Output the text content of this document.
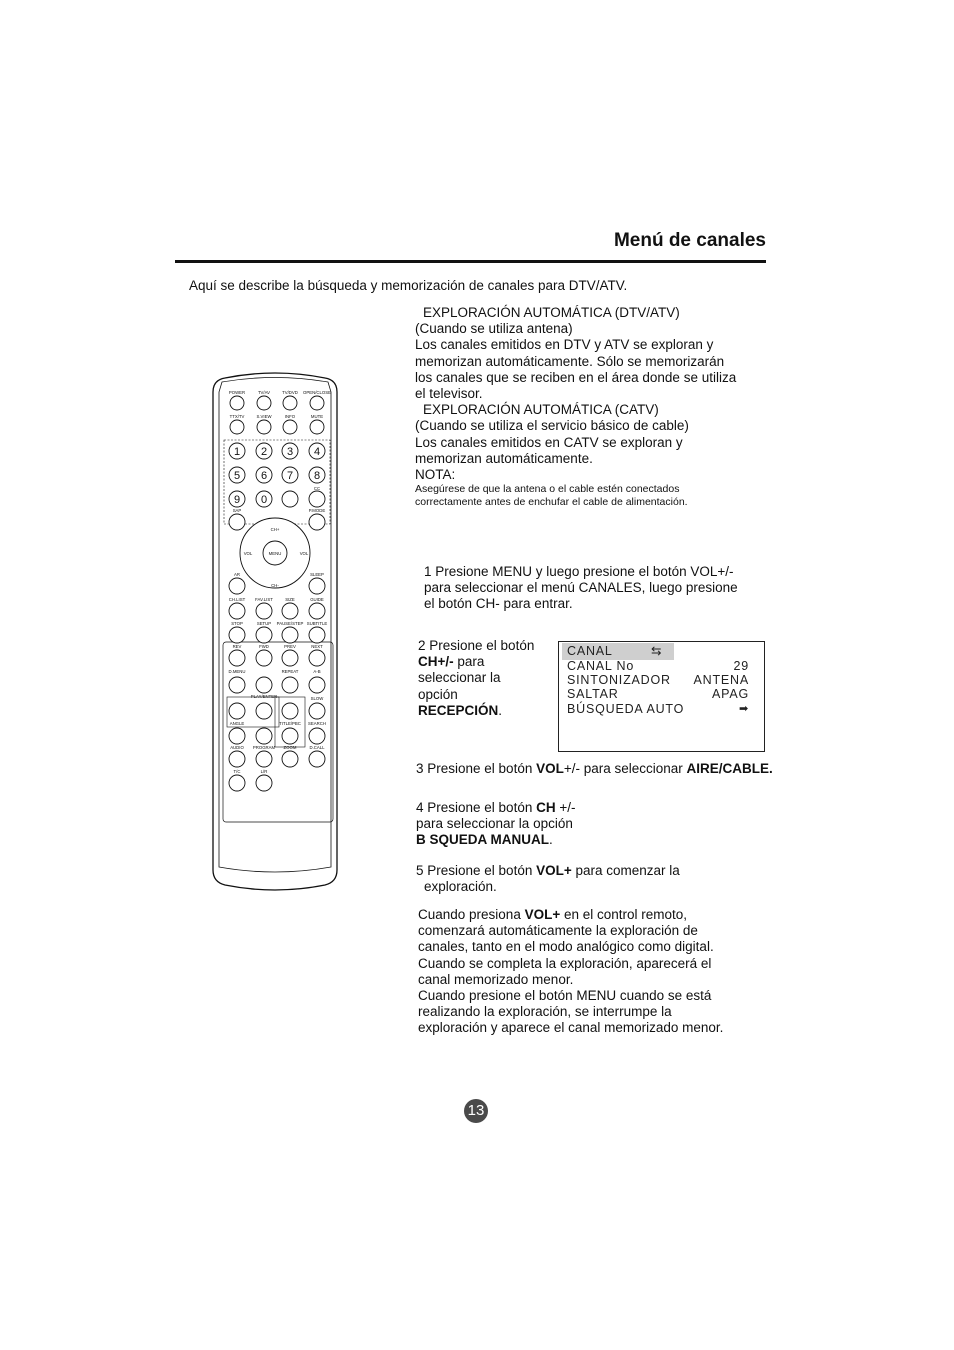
Menú de canales
Aquí se describe la búsqueda y memorización de canales para DTV/ATV.
EXPLORACIÓN AUTOMÁTICA (DTV/ATV)
(Cuando se utiliza antena)
Los canales emitidos en DTV y ATV se exploran y
memorizan automáticamente. Sólo se memorizarán
los canales que se reciben en el área donde se utiliza
el televisor.
EXPLORACIÓN AUTOMÁTICA (CATV)
(Cuando se utiliza el servicio básico de cable)
Los canales emitidos en CATV se exploran y
memorizan automáticamente.
NOTA:
Asegúrese de que la antena o el cable estén conectados
correctamente antes de enchufar el cable de alimentación.
1 Presione MENU y luego presione el botón VOL+/-
para seleccionar el menú CANALES, luego presione
el botón CH- para entrar.
2 Presione el botón
CH+/- para
seleccionar la
opción
RECEPCIÓN.
CANAL	⇆
CANAL No	29
SINTONIZADOR ANTENA
SALTAR	APAG
BÚSQUEDA AUTO	➡
3 Presione el botón VOL+/- para seleccionar AIRE/CABLE.
4 Presione el botón CH +/-
para seleccionar la opción
B SQUEDA MANUAL.
5 Presione el botón VOL+ para comenzar la
exploración.
Cuando presiona VOL+ en el control remoto,
comenzará automáticamente la exploración de
canales, tanto en el modo analógico como digital.
Cuando se completa la exploración, aparecerá el
canal memorizado menor.
Cuando presione el botón MENU cuando se está
realizando la exploración, se interrumpe la
exploración y aparece el canal memorizado menor.
13
POWER	TV/AV	TV/DVD OPEN/CLOSE
TTX/TV	S.VIEW	INFO	MUTE
1 2 3 4
5 6 7 8
9 0
CC
SAP	P.MODE
CH+
CH-
VOL	VOL
MENU
AR	SLEEP
CH.LIST FAV.LIST	SIZE	GUIDE
STOP	SETUP PAUSE/STEP SUBTITLE
REV	FWD	PREV	NEXT
D.MENU	REPEAT	A-B
PLAY/ENTER	SLOW
ANGLE	TITLE/PBC SEARCH
AUDIO PROGRAM ZOOM	D.CALL
T/C	L/R
